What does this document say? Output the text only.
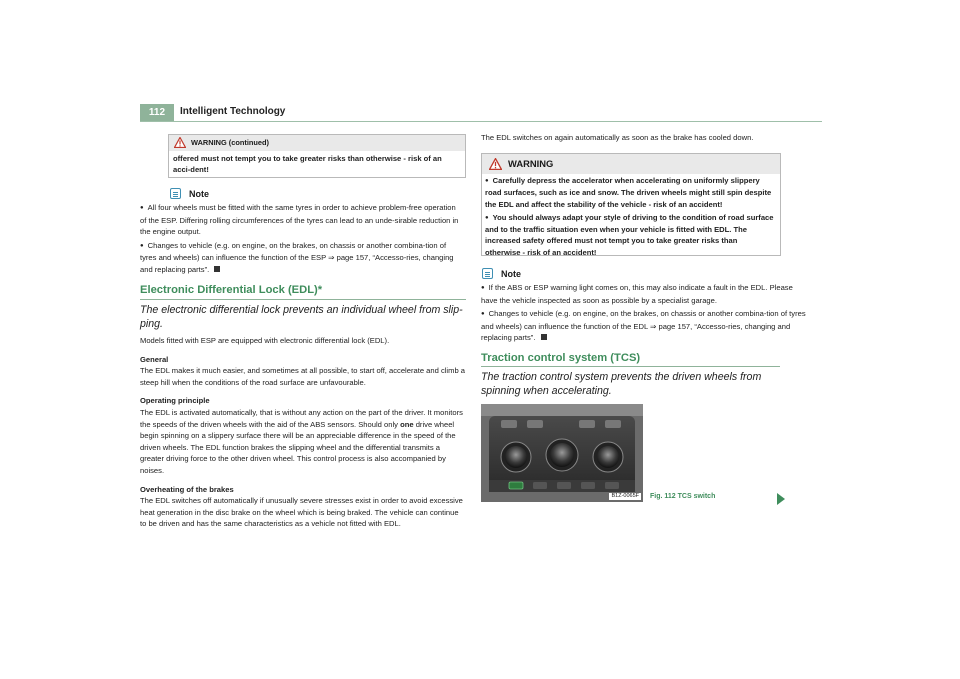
112	Intelligent Technology
WARNING (continued)

offered must not tempt you to take greater risks than otherwise - risk of an acci-dent!

Note

● All four wheels must be fitted with the same tyres in order to achieve problem-free operation of the ESP. Differing rolling circumferences of the tyres can lead to an unde-sirable reduction in the engine output.

● Changes to vehicle (e.g. on engine, on the brakes, on chassis or another combina-tion of tyres and wheels) can influence the function of the ESP ⇒ page 157, “Accesso-ries, changing and replacing parts”.

Electronic Differential Lock (EDL)*

The electronic differential lock prevents an individual wheel from slip-ping.

Models fitted with ESP are equipped with electronic differential lock (EDL).

General

The EDL makes it much easier, and sometimes at all possible, to start off, accelerate and climb a steep hill when the conditions of the road surface are unfavourable.

Operating principle

The EDL is activated automatically, that is without any action on the part of the driver. It monitors the speeds of the driven wheels with the aid of the ABS sensors. Should only one drive wheel begin spinning on a slippery surface there will be an appreciable difference in the speed of the driven wheels. The EDL function brakes the slipping wheel and the differential transmits a greater driving force to the other driven wheel. This control process is also accompanied by noises.

Overheating of the brakes

The EDL switches off automatically if unusually severe stresses exist in order to avoid excessive heat generation in the disc brake on the wheel which is being braked. The vehicle can continue to be driven and has the same characteristics as a vehicle not fitted with EDL.

The EDL switches on again automatically as soon as the brake has cooled down.

WARNING

● Carefully depress the accelerator when accelerating on uniformly slippery road surfaces, such as ice and snow. The driven wheels might still spin despite the EDL and affect the stability of the vehicle - risk of an accident!

● You should always adapt your style of driving to the condition of road surface and to the traffic situation even when your vehicle is fitted with EDL. The increased safety offered must not tempt you to take greater risks than otherwise - risk of an accident!

Note

● If the ABS or ESP warning light comes on, this may also indicate a fault in the EDL. Please have the vehicle inspected as soon as possible by a specialist garage.

● Changes to vehicle (e.g. on engine, on the brakes, on chassis or another combina-tion of tyres and wheels) can influence the function of the EDL ⇒ page 157, “Accesso-ries, changing and replacing parts”.

Traction control system (TCS)

The traction control system prevents the driven wheels from spinning when accelerating.

B1Z-0065F Fig. 112 TCS switch
